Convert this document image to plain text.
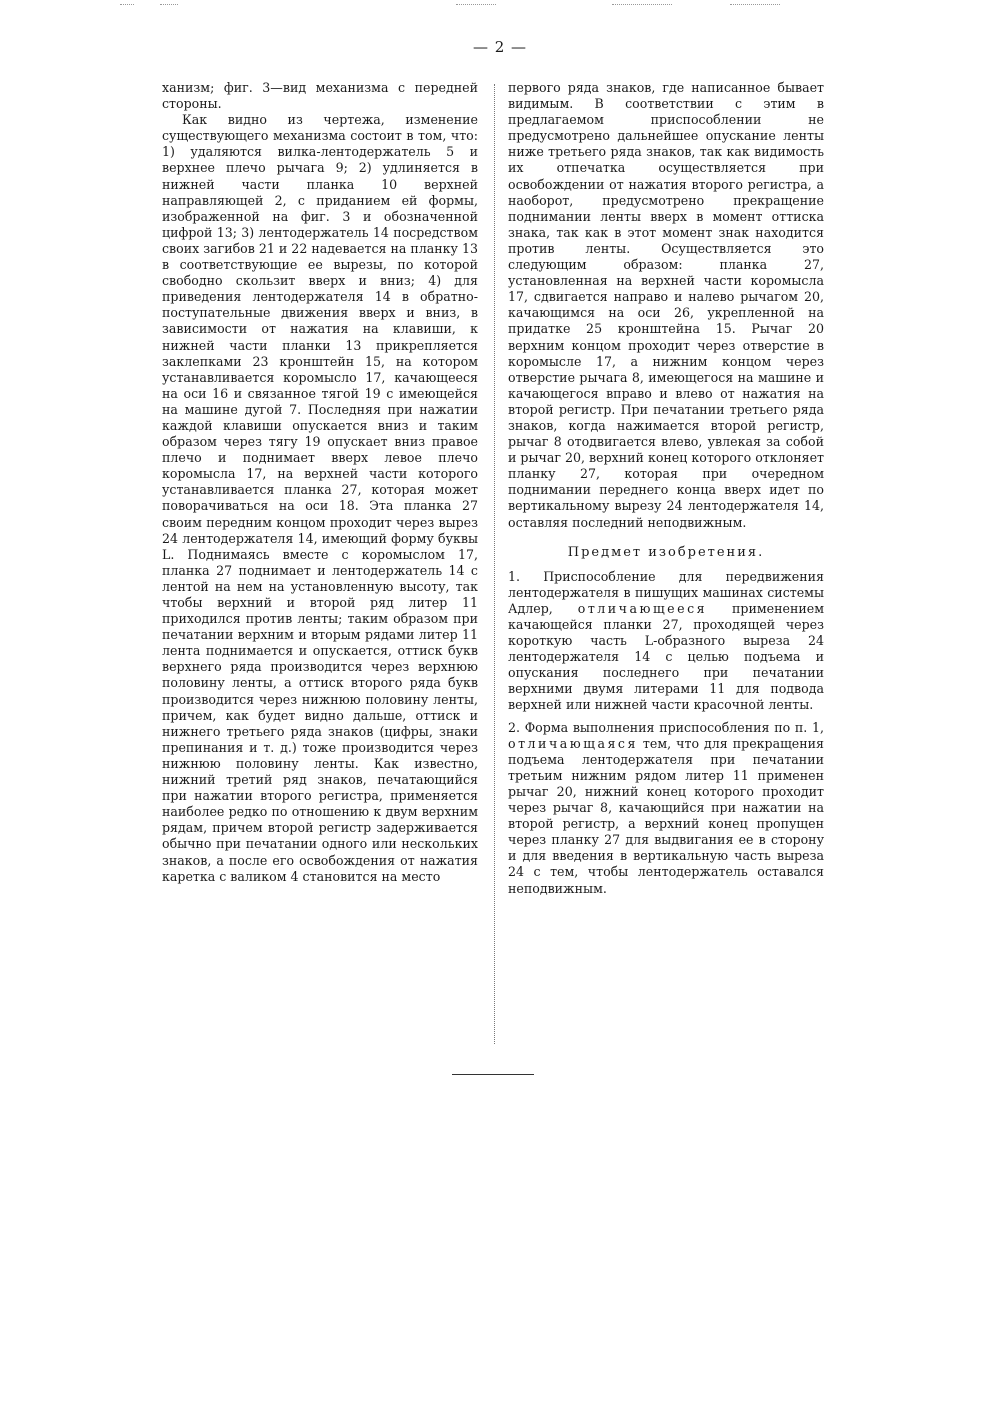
— 2 —

ханизм; фиг. 3—вид механизма с передней стороны.

Как видно из чертежа, изменение существующего механизма состоит в том, что: 1) удаляются вилка-лентодержатель 5 и верхнее плечо рычага 9; 2) удлиняется в нижней части планка 10 верхней направляющей 2, с приданием ей формы, изображенной на фиг. 3 и обозначенной цифрой 13; 3) лентодержатель 14 посредством своих загибов 21 и 22 надевается на планку 13 в соответствующие ее вырезы, по которой свободно скользит вверх и вниз; 4) для приведения лентодержателя 14 в обратно-поступательные движения вверх и вниз, в зависимости от нажатия на клавиши, к нижней части планки 13 прикрепляется заклепками 23 кронштейн 15, на котором устанавливается коромысло 17, качающееся на оси 16 и связанное тягой 19 с имеющейся на машине дугой 7. Последняя при нажатии каждой клавиши опускается вниз и таким образом через тягу 19 опускает вниз правое плечо и поднимает вверх левое плечо коромысла 17, на верхней части которого устанавливается планка 27, которая может поворачиваться на оси 18. Эта планка 27 своим передним концом проходит через вырез 24 лентодержателя 14, имеющий форму буквы L. Поднимаясь вместе с коромыслом 17, планка 27 поднимает и лентодержатель 14 с лентой на нем на установленную высоту, так чтобы верхний и второй ряд литер 11 приходился против ленты; таким образом при печатании верхним и вторым рядами литер 11 лента поднимается и опускается, оттиск букв верхнего ряда производится через верхнюю половину ленты, а оттиск второго ряда букв производится через нижнюю половину ленты, причем, как будет видно дальше, оттиск и нижнего третьего ряда знаков (цифры, знаки препинания и т. д.) тоже производится через нижнюю половину ленты. Как известно, нижний третий ряд знаков, печатающийся при нажатии второго регистра, применяется наиболее редко по отношению к двум верхним рядам, причем второй регистр задерживается обычно при печатании одного или нескольких знаков, а после его освобождения от нажатия каретка с валиком 4 становится на место

первого ряда знаков, где написанное бывает видимым. В соответствии с этим в предлагаемом приспособлении не предусмотрено дальнейшее опускание ленты ниже третьего ряда знаков, так как видимость их отпечатка осуществляется при освобождении от нажатия второго регистра, а наоборот, предусмотрено прекращение поднимании ленты вверх в момент оттиска знака, так как в этот момент знак находится против ленты. Осуществляется это следующим образом: планка 27, установленная на верхней части коромысла 17, сдвигается направо и налево рычагом 20, качающимся на оси 26, укрепленной на придатке 25 кронштейна 15. Рычаг 20 верхним концом проходит через отверстие в коромысле 17, а нижним концом через отверстие рычага 8, имеющегося на машине и качающегося вправо и влево от нажатия на второй регистр. При печатании третьего ряда знаков, когда нажимается второй регистр, рычаг 8 отодвигается влево, увлекая за собой и рычаг 20, верхний конец которого отклоняет планку 27, которая при очередном поднимании переднего конца вверх идет по вертикальному вырезу 24 лентодержателя 14, оставляя последний неподвижным.

Предмет изобретения.

1. Приспособление для передвижения лентодержателя в пишущих машинах системы Адлер, отличающееся применением качающейся планки 27, проходящей через короткую часть L-образного выреза 24 лентодержателя 14 с целью подъема и опускания последнего при печатании верхними двумя литерами 11 для подвода верхней или нижней части красочной ленты.

2. Форма выполнения приспособления по п. 1, отличающаяся тем, что для прекращения подъема лентодержателя при печатании третьим нижним рядом литер 11 применен рычаг 20, нижний конец которого проходит через рычаг 8, качающийся при нажатии на второй регистр, а верхний конец пропущен через планку 27 для выдвигания ее в сторону и для введения в вертикальную часть выреза 24 с тем, чтобы лентодержатель оставался неподвижным.
